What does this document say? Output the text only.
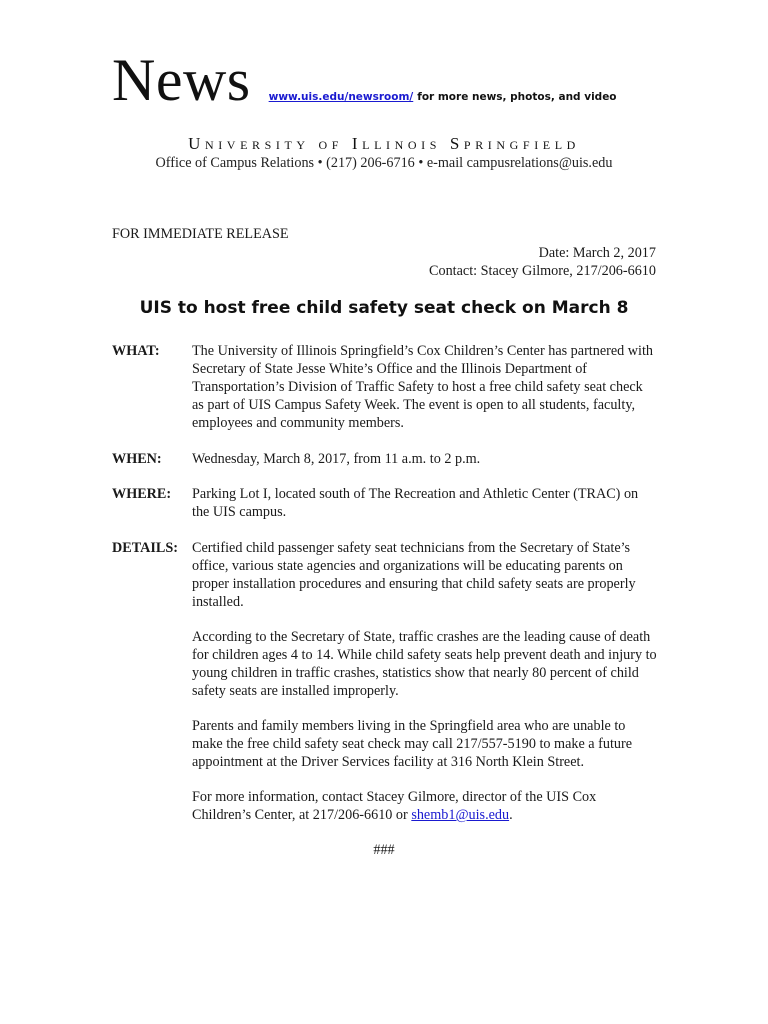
News www.uis.edu/newsroom/ for more news, photos, and video
University of Illinois Springfield
Office of Campus Relations • (217) 206-6716 • e-mail campusrelations@uis.edu
FOR IMMEDIATE RELEASE
Date: March 2, 2017
Contact: Stacey Gilmore, 217/206-6610
UIS to host free child safety seat check on March 8
WHAT: The University of Illinois Springfield’s Cox Children’s Center has partnered with Secretary of State Jesse White’s Office and the Illinois Department of Transportation’s Division of Traffic Safety to host a free child safety seat check as part of UIS Campus Safety Week. The event is open to all students, faculty, employees and community members.
WHEN: Wednesday, March 8, 2017, from 11 a.m. to 2 p.m.
WHERE: Parking Lot I, located south of The Recreation and Athletic Center (TRAC) on the UIS campus.
DETAILS: Certified child passenger safety seat technicians from the Secretary of State’s office, various state agencies and organizations will be educating parents on proper installation procedures and ensuring that child safety seats are properly installed.
According to the Secretary of State, traffic crashes are the leading cause of death for children ages 4 to 14. While child safety seats help prevent death and injury to young children in traffic crashes, statistics show that nearly 80 percent of child safety seats are installed improperly.
Parents and family members living in the Springfield area who are unable to make the free child safety seat check may call 217/557-5190 to make a future appointment at the Driver Services facility at 316 North Klein Street.
For more information, contact Stacey Gilmore, director of the UIS Cox Children’s Center, at 217/206-6610 or shemb1@uis.edu.
###
